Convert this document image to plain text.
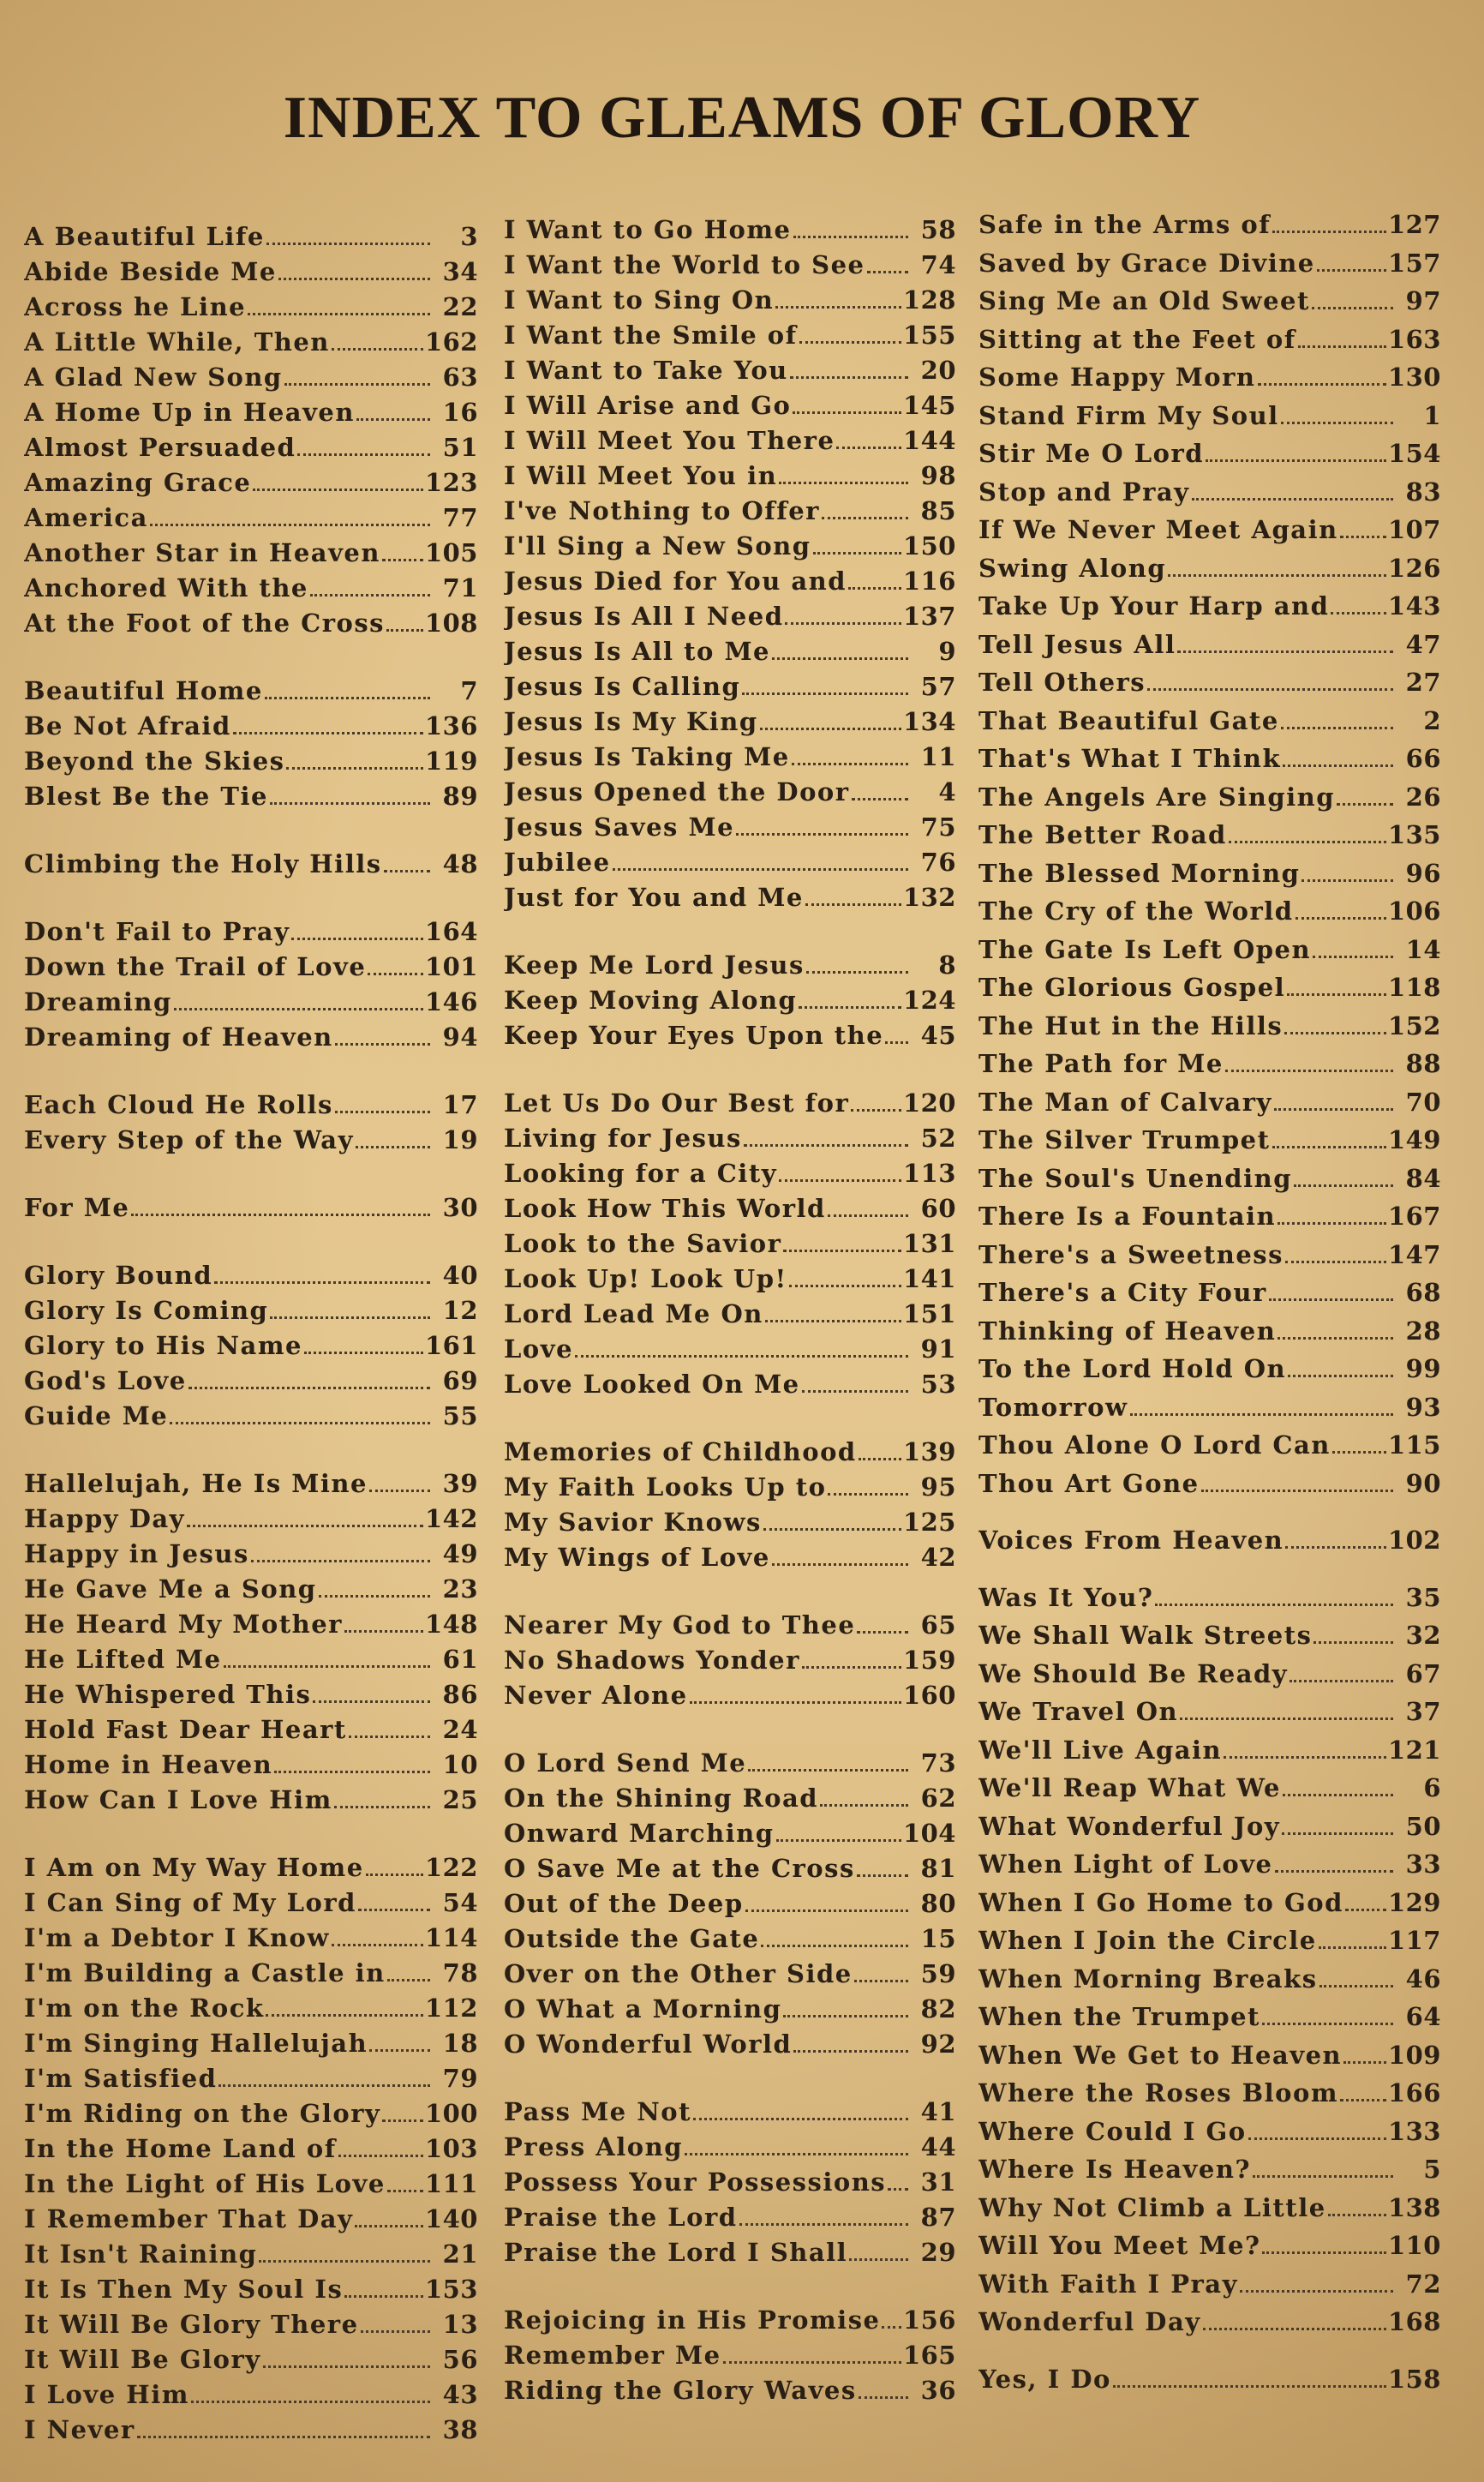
INDEX TO GLEAMS OF GLORY
A Beautiful Life	3
Abide Beside Me	34
Across he Line	22
A Little While, Then	162
A Glad New Song	63
A Home Up in Heaven	16
Almost Persuaded	51
Amazing Grace	123
America	77
Another Star in Heaven 105
Anchored With the	71
At the Foot of the Cross 108
Beautiful Home	7
Be Not Afraid	136
Beyond the Skies	119
Blest Be the Tie	89
Climbing the Holy Hills	48
Don't Fail to Pray	164
Down the Trail of Love 101
Dreaming	146
Dreaming of Heaven	94
Each Cloud He Rolls	17
Every Step of the Way	19
For Me	30
Glory Bound	40
Glory Is Coming	12
Glory to His Name	161
God's Love	69
Guide Me	55
Hallelujah, He Is Mine	39
Happy Day	142
Happy in Jesus	49
He Gave Me a Song	23
He Heard My Mother	148
He Lifted Me	61
He Whispered This	86
Hold Fast Dear Heart	24
Home in Heaven	10
How Can I Love Him	25
I Am on My Way Home 122
I Can Sing of My Lord	54
I'm a Debtor I Know	114
I'm Building a Castle in	78
I'm on the Rock	112
I'm Singing Hallelujah	18
I'm Satisfied	79
I'm Riding on the Glory 100
In the Home Land of	103
In the Light of His Love 111
I Remember That Day	140
It Isn't Raining	21
It Is Then My Soul Is	153
It Will Be Glory There	13
It Will Be Glory	56
I Love Him	43
I Never	38
I Want to Go Home	58
I Want the World to See	74
I Want to Sing On	128
I Want the Smile of	155
I Want to Take You	20
I Will Arise and Go	145
I Will Meet You There	144
I Will Meet You in	98
I've Nothing to Offer	85
I'll Sing a New Song	150
Jesus Died for You and 116
Jesus Is All I Need	137
Jesus Is All to Me	9
Jesus Is Calling	57
Jesus Is My King	134
Jesus Is Taking Me	11
Jesus Opened the Door	4
Jesus Saves Me	75
Jubilee	76
Just for You and Me	132
Keep Me Lord Jesus	8
Keep Moving Along	124
Keep Your Eyes Upon the	45
Let Us Do Our Best for 120
Living for Jesus	52
Looking for a City	113
Look How This World	60
Look to the Savior	131
Look Up! Look Up!	141
Lord Lead Me On	151
Love	91
Love Looked On Me	53
Memories of Childhood 139
My Faith Looks Up to	95
My Savior Knows	125
My Wings of Love	42
Nearer My God to Thee	65
No Shadows Yonder	159
Never Alone	160
O Lord Send Me	73
On the Shining Road	62
Onward Marching	104
O Save Me at the Cross	81
Out of the Deep	80
Outside the Gate	15
Over on the Other Side	59
O What a Morning	82
O Wonderful World	92
Pass Me Not	41
Press Along	44
Possess Your Possessions	31
Praise the Lord	87
Praise the Lord I Shall	29
Rejoicing in His Promise 156
Remember Me	165
Riding the Glory Waves	36
Safe in the Arms of	127
Saved by Grace Divine	157
Sing Me an Old Sweet	97
Sitting at the Feet of	163
Some Happy Morn	130
Stand Firm My Soul	1
Stir Me O Lord	154
Stop and Pray	83
If We Never Meet Again 107
Swing Along	126
Take Up Your Harp and 143
Tell Jesus All	47
Tell Others	27
That Beautiful Gate	2
That's What I Think	66
The Angels Are Singing	26
The Better Road	135
The Blessed Morning	96
The Cry of the World	106
The Gate Is Left Open	14
The Glorious Gospel	118
The Hut in the Hills	152
The Path for Me	88
The Man of Calvary	70
The Silver Trumpet	149
The Soul's Unending	84
There Is a Fountain	167
There's a Sweetness	147
There's a City Four	68
Thinking of Heaven	28
To the Lord Hold On	99
Tomorrow	93
Thou Alone O Lord Can 115
Thou Art Gone	90
Voices From Heaven	102
Was It You?	35
We Shall Walk Streets	32
We Should Be Ready	67
We Travel On	37
We'll Live Again	121
We'll Reap What We	6
What Wonderful Joy	50
When Light of Love	33
When I Go Home to God 129
When I Join the Circle	117
When Morning Breaks	46
When the Trumpet	64
When We Get to Heaven 109
Where the Roses Bloom 166
Where Could I Go	133
Where Is Heaven?	5
Why Not Climb a Little 138
Will You Meet Me?	110
With Faith I Pray	72
Wonderful Day	168
Yes, I Do	158
